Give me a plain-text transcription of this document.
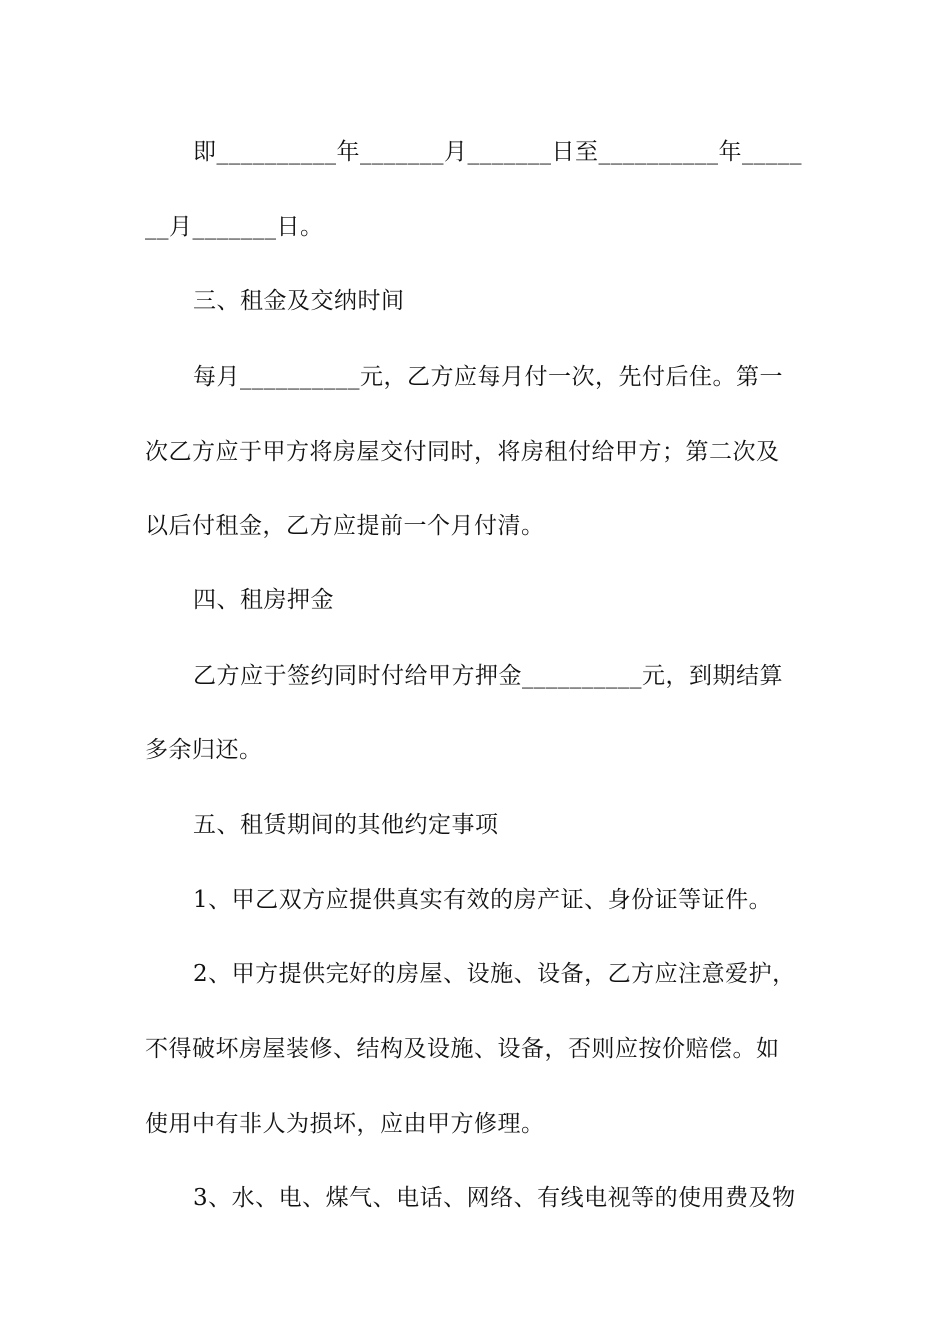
即__________年_______月_______日至__________年_____
__月_______日。
三、租金及交纳时间
每月__________元，乙方应每月付一次，先付后住。第一
次乙方应于甲方将房屋交付同时，将房租付给甲方；第二次及
以后付租金，乙方应提前一个月付清。
四、租房押金
乙方应于签约同时付给甲方押金__________元，到期结算
多余归还。
五、租赁期间的其他约定事项
1、甲乙双方应提供真实有效的房产证、身份证等证件。
2、甲方提供完好的房屋、设施、设备，乙方应注意爱护，
不得破坏房屋装修、结构及设施、设备，否则应按价赔偿。如
使用中有非人为损坏，应由甲方修理。
3、水、电、煤气、电话、网络、有线电视等的使用费及物
